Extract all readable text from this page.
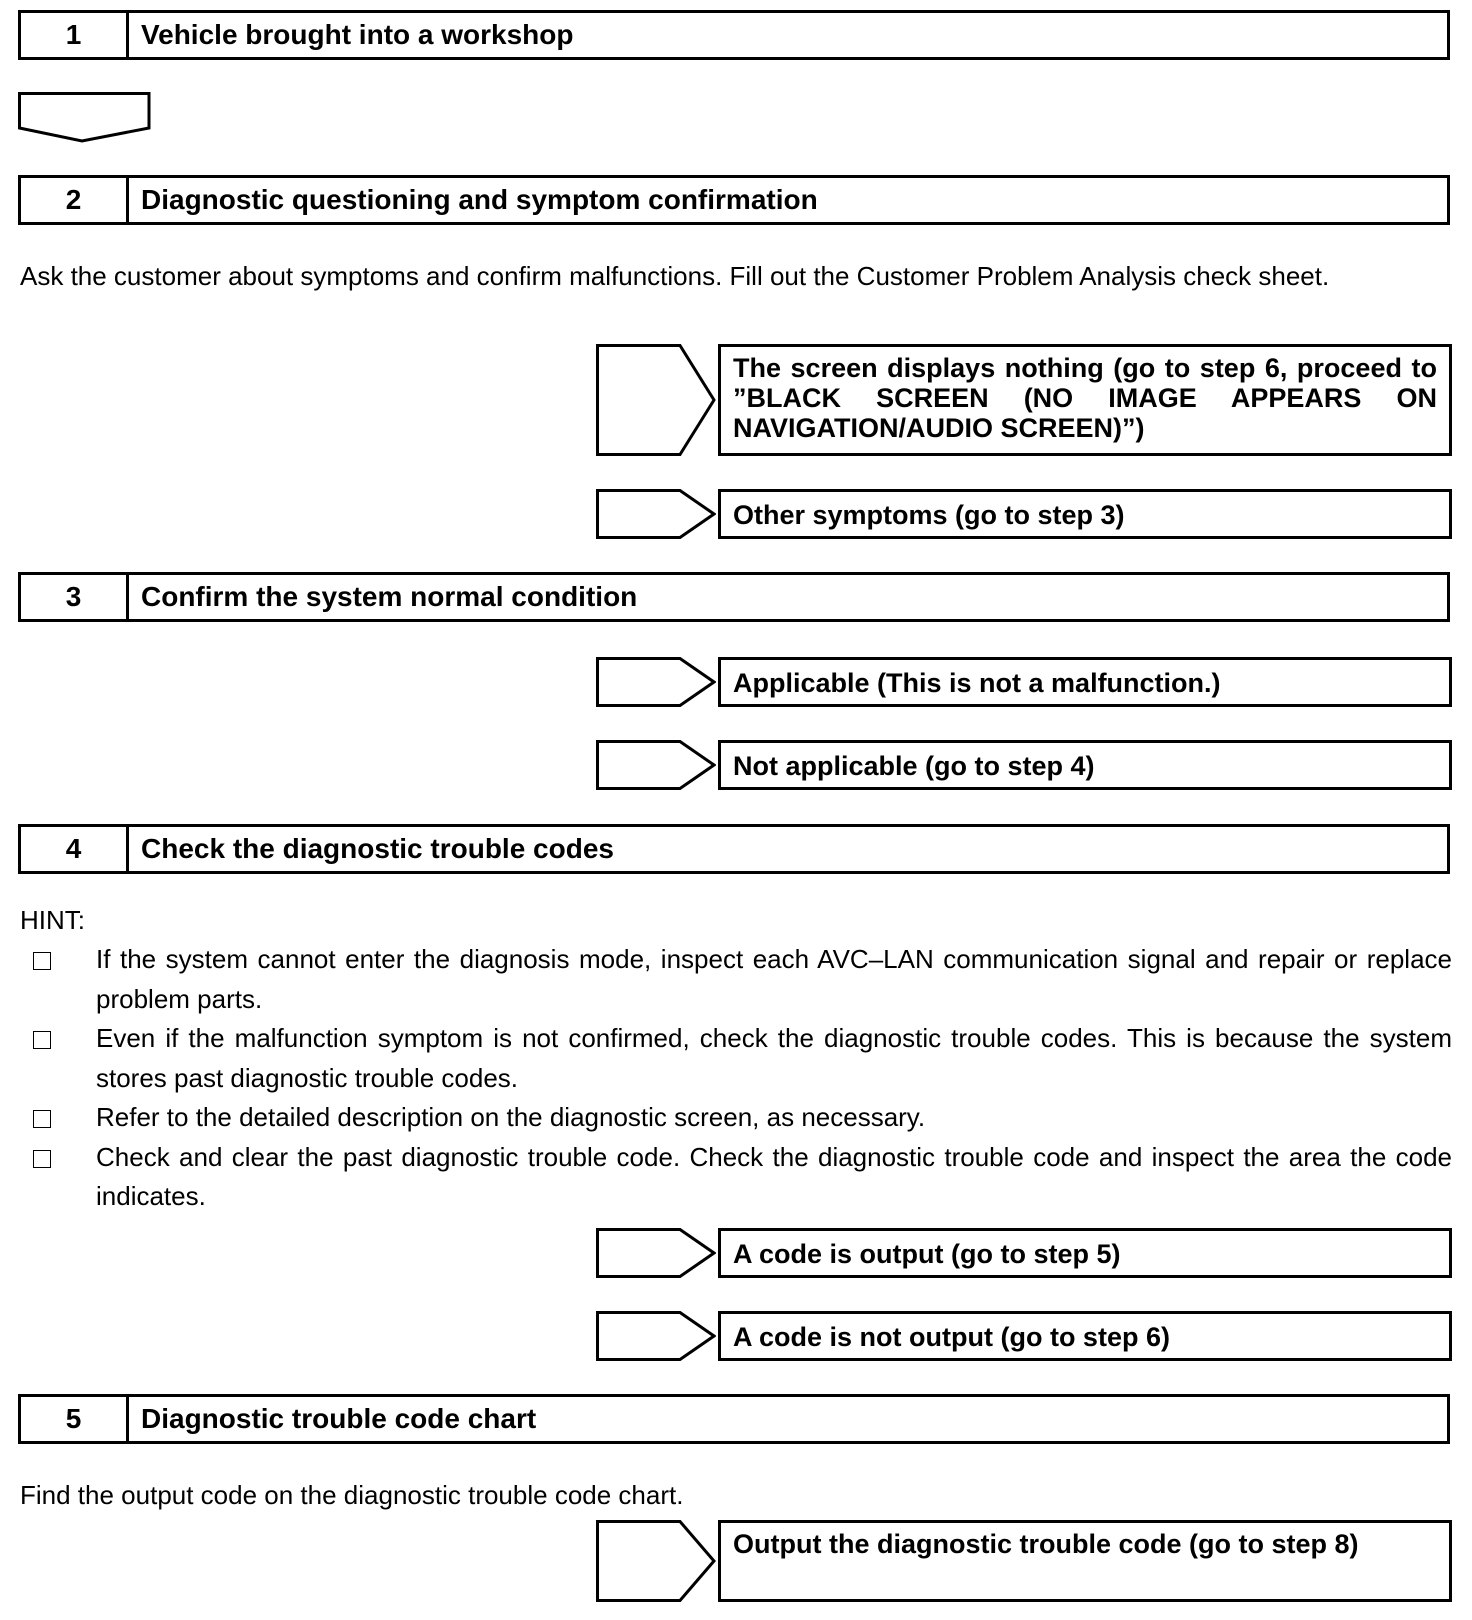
1	Vehicle brought into a workshop
2	Diagnostic questioning and symptom confirmation
Ask the customer about symptoms and confirm malfunctions. Fill out the Customer Problem Analysis check sheet.
The screen displays nothing (go to step 6, proceed to ”BLACK SCREEN (NO IMAGE APPEARS ON NAVIGATION/AUDIO SCREEN)”)
Other symptoms (go to step 3)
3	Confirm the system normal condition
Applicable (This is not a malfunction.)
Not applicable (go to step 4)
4	Check the diagnostic trouble codes
HINT:
If the system cannot enter the diagnosis mode, inspect each AVC–LAN communication signal and repair or replace problem parts.
Even if the malfunction symptom is not confirmed, check the diagnostic trouble codes. This is because the system stores past diagnostic trouble codes.
Refer to the detailed description on the diagnostic screen, as necessary.
Check and clear the past diagnostic trouble code. Check the diagnostic trouble code and inspect the area the code indicates.
A code is output (go to step 5)
A code is not output (go to step 6)
5	Diagnostic trouble code chart
Find the output code on the diagnostic trouble code chart.
Output the diagnostic trouble code (go to step 8)
